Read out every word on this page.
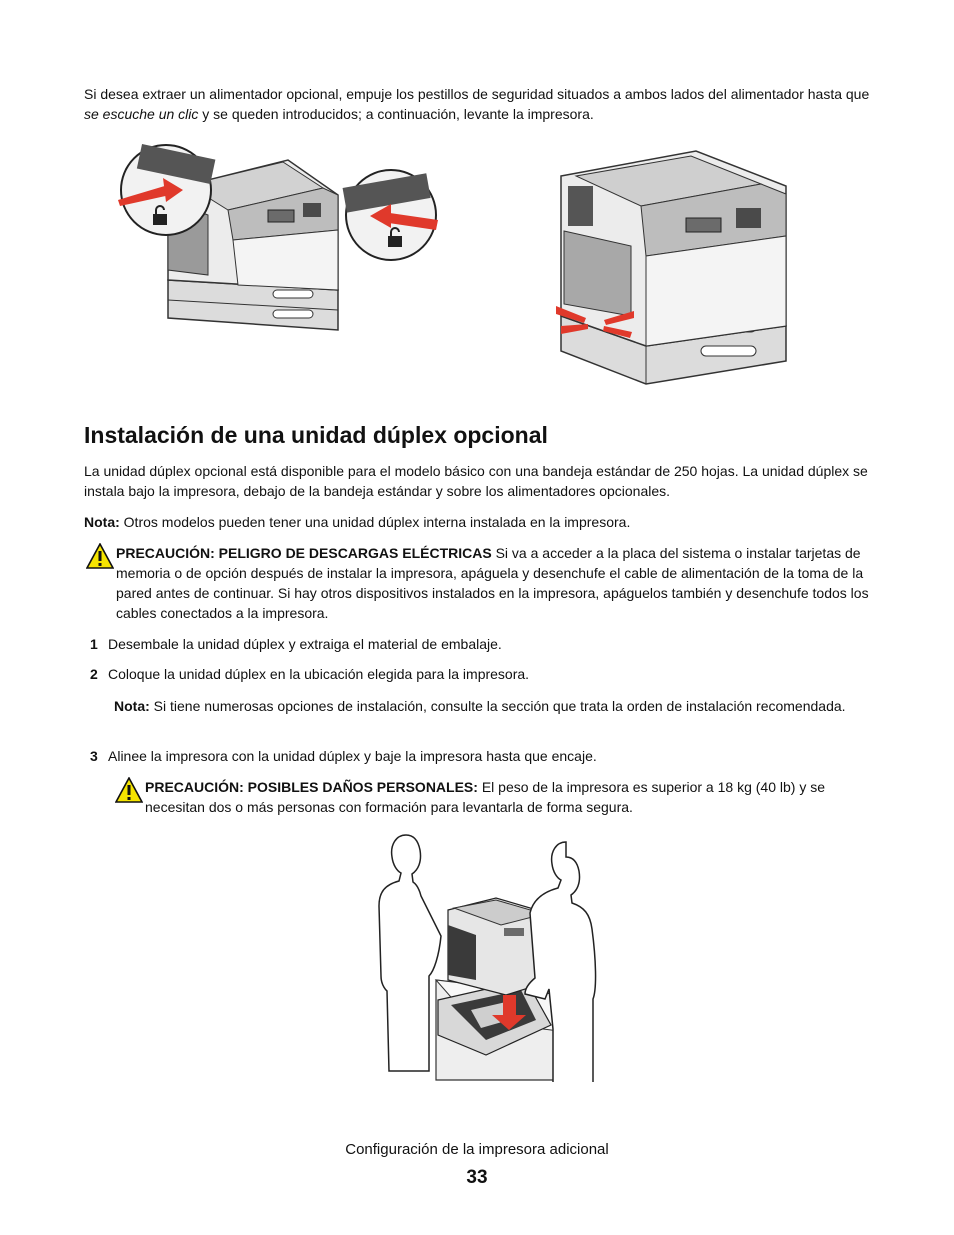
Si desea extraer un alimentador opcional, empuje los pestillos de seguridad situados a ambos lados del alimentador hasta que se escuche un clic y se queden introducidos; a continuación, levante la impresora.

Instalación de una unidad dúplex opcional

La unidad dúplex opcional está disponible para el modelo básico con una bandeja estándar de 250 hojas. La unidad dúplex se instala bajo la impresora, debajo de la bandeja estándar y sobre los alimentadores opcionales.

Nota: Otros modelos pueden tener una unidad dúplex interna instalada en la impresora.

PRECAUCIÓN: PELIGRO DE DESCARGAS ELÉCTRICAS Si va a acceder a la placa del sistema o instalar tarjetas de memoria o de opción después de instalar la impresora, apáguela y desenchufe el cable de alimentación de la toma de la pared antes de continuar. Si hay otros dispositivos instalados en la impresora, apáguelos también y desenchufe todos los cables conectados a la impresora.
1 Desembale la unidad dúplex y extraiga el material de embalaje.
2 Coloque la unidad dúplex en la ubicación elegida para la impresora.

Nota: Si tiene numerosas opciones de instalación, consulte la sección que trata la orden de instalación recomendada.

3 Alinee la impresora con la unidad dúplex y baje la impresora hasta que encaje.
PRECAUCIÓN: POSIBLES DAÑOS PERSONALES: El peso de la impresora es superior a 18 kg (40 lb) y se necesitan dos o más personas con formación para levantarla de forma segura.
Configuración de la impresora adicional
33
